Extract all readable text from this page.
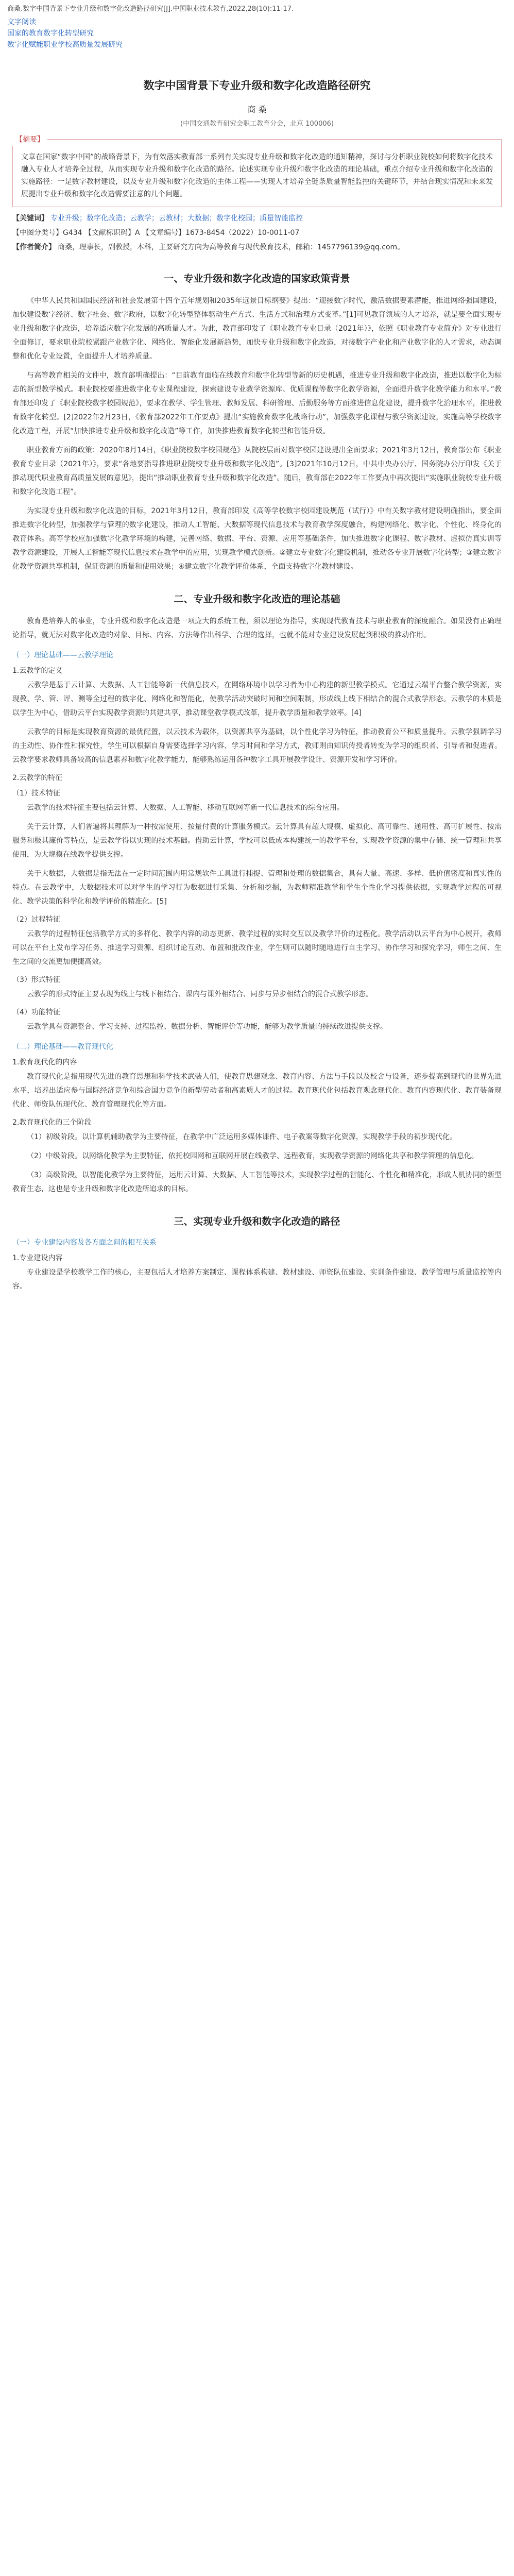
商桑.数字中国背景下专业升级和数字化改造路径研究[J].中国职业技术教育,2022,28(10):11-17.
文字阅读
国家的教育数字化转型研究
数字化赋能职业学校高质量发展研究
数字中国背景下专业升级和数字化改造路径研究
商 桑
(中国交通教育研究会职工教育分会，北京 100006)
【摘要】
文章在国家“数字中国”的战略背景下，为有效落实教育部一系列有关实现专业升级和数字化改造的通知精神，探讨与分析职业院校如何将数字化技术融入专业人才培养全过程，从而实现专业升级和数字化改造的路径。论述实现专业升级和数字化改造的理论基础，重点介绍专业升级和数字化改造的实施路径：一是数字教材建设，以及专业升级和数字化改造的主体工程——实现人才培养全链条质量智能监控的关键环节，并结合现实情况和未来发展提出专业升级和数字化改造需要注意的几个问题。
【关键词】 专业升级；数字化改造；云教学；云教材；大数据；数字化校园；质量智能监控
【中图分类号】G434 【文献标识码】A 【文章编号】1673-8454（2022）10-0011-07
【作者简介】 商桑，理事长，副教授，本科，主要研究方向为高等教育与现代教育技术，邮箱：1457796139@qq.com。
一、专业升级和数字化改造的国家政策背景
《中华人民共和国国民经济和社会发展第十四个五年规划和2035年远景目标纲要》提出：“迎接数字时代，激活数据要素潜能，推进网络强国建设，加快建设数字经济、数字社会、数字政府，以数字化转型整体驱动生产方式、生活方式和治理方式变革。”[1]可见教育领域的人才培养，就是要全面实现专业升级和数字化改造，培养适应数字化发展的高质量人才。为此，教育部印发了《职业教育专业目录（2021年）》，依照《职业教育专业简介》对专业进行全面修订，要求职业院校紧跟产业数字化、网络化、智能化发展新趋势，加快专业升级和数字化改造，对接数字产业化和产业数字化的人才需求，动态调整和优化专业设置，全面提升人才培养质量。
与高等教育相关的文件中，教育部明确提出：“目前教育面临在线教育和数字化转型等新的历史机遇，推进专业升级和数字化改造，推进以数字化为标志的新型教学模式。职业院校要推进数字化专业课程建设，探索建设专业教学资源库、优质课程等数字化教学资源，全面提升数字化教学能力和水平。”教育部还印发了《职业院校数字校园规范》，要求在教学、学生管理、教师发展、科研管理、后勤服务等方面推进信息化建设，提升数字化治理水平，推进教育数字化转型。[2]2022年2月23日，《教育部2022年工作要点》提出“实施教育数字化战略行动”，加强数字化课程与教学资源建设，实施高等学校数字化改造工程，开展“加快推进专业升级和数字化改造”等工作，加快推进教育数字化转型和智能升级。
职业教育方面的政策：2020年8月14日，《职业院校数字校园规范》从院校层面对数字校园建设提出全面要求；2021年3月12日，教育部公布《职业教育专业目录（2021年）》，要求“各地要指导推进职业院校专业升级和数字化改造”。[3]2021年10月12日，中共中央办公厅、国务院办公厅印发《关于推动现代职业教育高质量发展的意见》，提出“推动职业教育专业升级和数字化改造”。随后，教育部在2022年工作要点中再次提出“实施职业院校专业升级和数字化改造工程”。
为实现专业升级和数字化改造的目标，2021年3月12日，教育部印发《高等学校数字校园建设规范（试行）》中有关数字教材建设明确指出，要全面推进数字化转型，加强教学与管理的数字化建设，推动人工智能、大数据等现代信息技术与教育教学深度融合，构建网络化、数字化、个性化、终身化的教育体系。高等学校应加强数字化教学环境的构建，完善网络、数据、平台、资源、应用等基础条件，加快推进数字化课程、数字教材、虚拟仿真实训等教学资源建设，开展人工智能等现代信息技术在教学中的应用，实现教学模式创新。②建立专业数字化建设机制，推动各专业开展数字化转型；③建立数字化教学资源共享机制，保证资源的质量和使用效果；④建立数字化教学评价体系，全面支持数字化教材建设。
二、专业升级和数字化改造的理论基础
教育是培养人的事业，专业升级和数字化改造是一项庞大的系统工程，须以理论为指导，实现现代教育技术与职业教育的深度融合。如果没有正确理论指导，就无法对数字化改造的对象、目标、内容、方法等作出科学、合理的选择，也就不能对专业建设发展起到积极的推动作用。
（一）理论基础——云教学理论
1.云教学的定义
云教学是基于云计算、大数据、人工智能等新一代信息技术，在网络环境中以学习者为中心构建的新型教学模式。它通过云端平台整合教学资源，实现教、学、管、评、测等全过程的数字化、网络化和智能化，使教学活动突破时间和空间限制，形成线上线下相结合的混合式教学形态。云教学的本质是以学生为中心，借助云平台实现教学资源的共建共享，推动课堂教学模式改革，提升教学质量和教学效率。[4]
云教学的目标是实现教育资源的最优配置，以云技术为载体，以资源共享为基础，以个性化学习为特征，推动教育公平和质量提升。云教学强调学习的主动性、协作性和探究性，学生可以根据自身需要选择学习内容、学习时间和学习方式，教师则由知识传授者转变为学习的组织者、引导者和促进者。云教学要求教师具备较高的信息素养和数字化教学能力，能够熟练运用各种数字工具开展教学设计、资源开发和学习评价。
2.云教学的特征
（1）技术特征
云教学的技术特征主要包括云计算、大数据、人工智能、移动互联网等新一代信息技术的综合应用。
关于云计算，人们普遍将其理解为一种按需使用、按量付费的计算服务模式。云计算具有超大规模、虚拟化、高可靠性、通用性、高可扩展性、按需服务和极其廉价等特点，是云教学得以实现的技术基础。借助云计算，学校可以低成本构建统一的教学平台，实现教学资源的集中存储、统一管理和共享使用，为大规模在线教学提供支撑。
关于大数据，大数据是指无法在一定时间范围内用常规软件工具进行捕捉、管理和处理的数据集合，具有大量、高速、多样、低价值密度和真实性的特点。在云教学中，大数据技术可以对学生的学习行为数据进行采集、分析和挖掘，为教师精准教学和学生个性化学习提供依据，实现教学过程的可视化、教学决策的科学化和教学评价的精准化。[5]
（2）过程特征
云教学的过程特征包括教学方式的多样化、教学内容的动态更新、教学过程的实时交互以及教学评价的过程化。教学活动以云平台为中心展开，教师可以在平台上发布学习任务、推送学习资源、组织讨论互动、布置和批改作业，学生则可以随时随地进行自主学习、协作学习和探究学习，师生之间、生生之间的交流更加便捷高效。
（3）形式特征
云教学的形式特征主要表现为线上与线下相结合、课内与课外相结合、同步与异步相结合的混合式教学形态。
（4）功能特征
云教学具有资源整合、学习支持、过程监控、数据分析、智能评价等功能，能够为教学质量的持续改进提供支撑。
（二）理论基础——教育现代化
1.教育现代化的内容
教育现代化是指用现代先进的教育思想和科学技术武装人们，使教育思想观念、教育内容、方法与手段以及校舍与设备，逐步提高到现代的世界先进水平，培养出适应参与国际经济竞争和综合国力竞争的新型劳动者和高素质人才的过程。教育现代化包括教育观念现代化、教育内容现代化、教育装备现代化、师资队伍现代化、教育管理现代化等方面。
2.教育现代化的三个阶段
（1）初级阶段。以计算机辅助教学为主要特征，在教学中广泛运用多媒体课件、电子教案等数字化资源，实现教学手段的初步现代化。
（2）中级阶段。以网络化教学为主要特征，依托校园网和互联网开展在线教学、远程教育，实现教学资源的网络化共享和教学管理的信息化。
（3）高级阶段。以智能化教学为主要特征，运用云计算、大数据、人工智能等技术，实现教学过程的智能化、个性化和精准化，形成人机协同的新型教育生态，这也是专业升级和数字化改造所追求的目标。
三、实现专业升级和数字化改造的路径
（一）专业建设内容及各方面之间的相互关系
1.专业建设内容
专业建设是学校教学工作的核心，主要包括人才培养方案制定、课程体系构建、教材建设、师资队伍建设、实训条件建设、教学管理与质量监控等内容。
